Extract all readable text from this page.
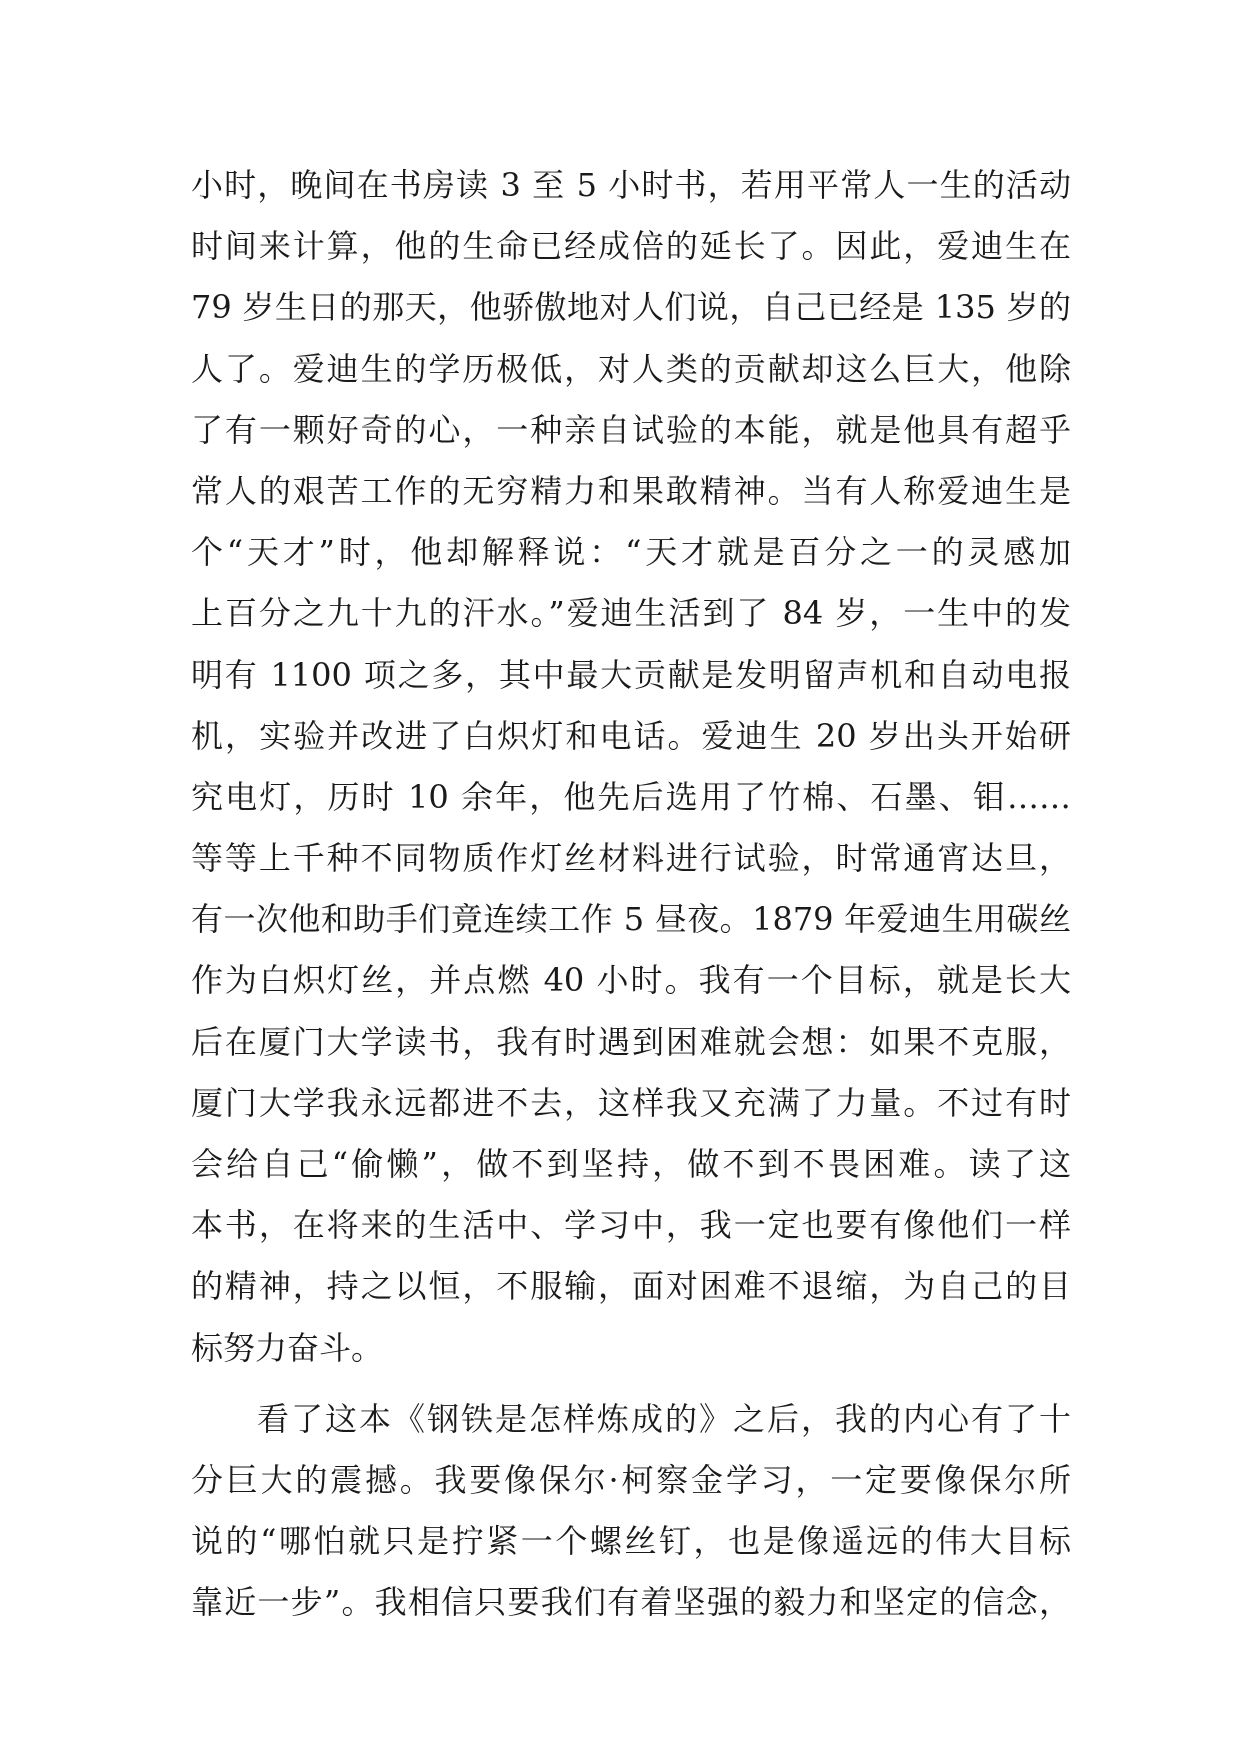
小时，晚间在书房读 3 至 5 小时书，若用平常人一生的活动
时间来计算，他的生命已经成倍的延长了。因此，爱迪生在
79 岁生日的那天，他骄傲地对人们说，自己已经是 135 岁的
人了。爱迪生的学历极低，对人类的贡献却这么巨大，他除
了有一颗好奇的心，一种亲自试验的本能，就是他具有超乎
常人的艰苦工作的无穷精力和果敢精神。当有人称爱迪生是
个“天才”时，他却解释说：“天才就是百分之一的灵感加
上百分之九十九的汗水。”爱迪生活到了 84 岁，一生中的发
明有 1100 项之多，其中最大贡献是发明留声机和自动电报
机，实验并改进了白炽灯和电话。爱迪生 20 岁出头开始研
究电灯，历时 10 余年，他先后选用了竹棉、石墨、钼……
等等上千种不同物质作灯丝材料进行试验，时常通宵达旦，
有一次他和助手们竟连续工作 5 昼夜。1879 年爱迪生用碳丝
作为白炽灯丝，并点燃 40 小时。我有一个目标，就是长大
后在厦门大学读书，我有时遇到困难就会想：如果不克服，
厦门大学我永远都进不去，这样我又充满了力量。不过有时
会给自己“偷懒”，做不到坚持，做不到不畏困难。读了这
本书，在将来的生活中、学习中，我一定也要有像他们一样
的精神，持之以恒，不服输，面对困难不退缩，为自己的目
标努力奋斗。
看了这本《钢铁是怎样炼成的》之后，我的内心有了十
分巨大的震撼。我要像保尔·柯察金学习，一定要像保尔所
说的“哪怕就只是拧紧一个螺丝钉，也是像遥远的伟大目标
靠近一步”。我相信只要我们有着坚强的毅力和坚定的信念，
